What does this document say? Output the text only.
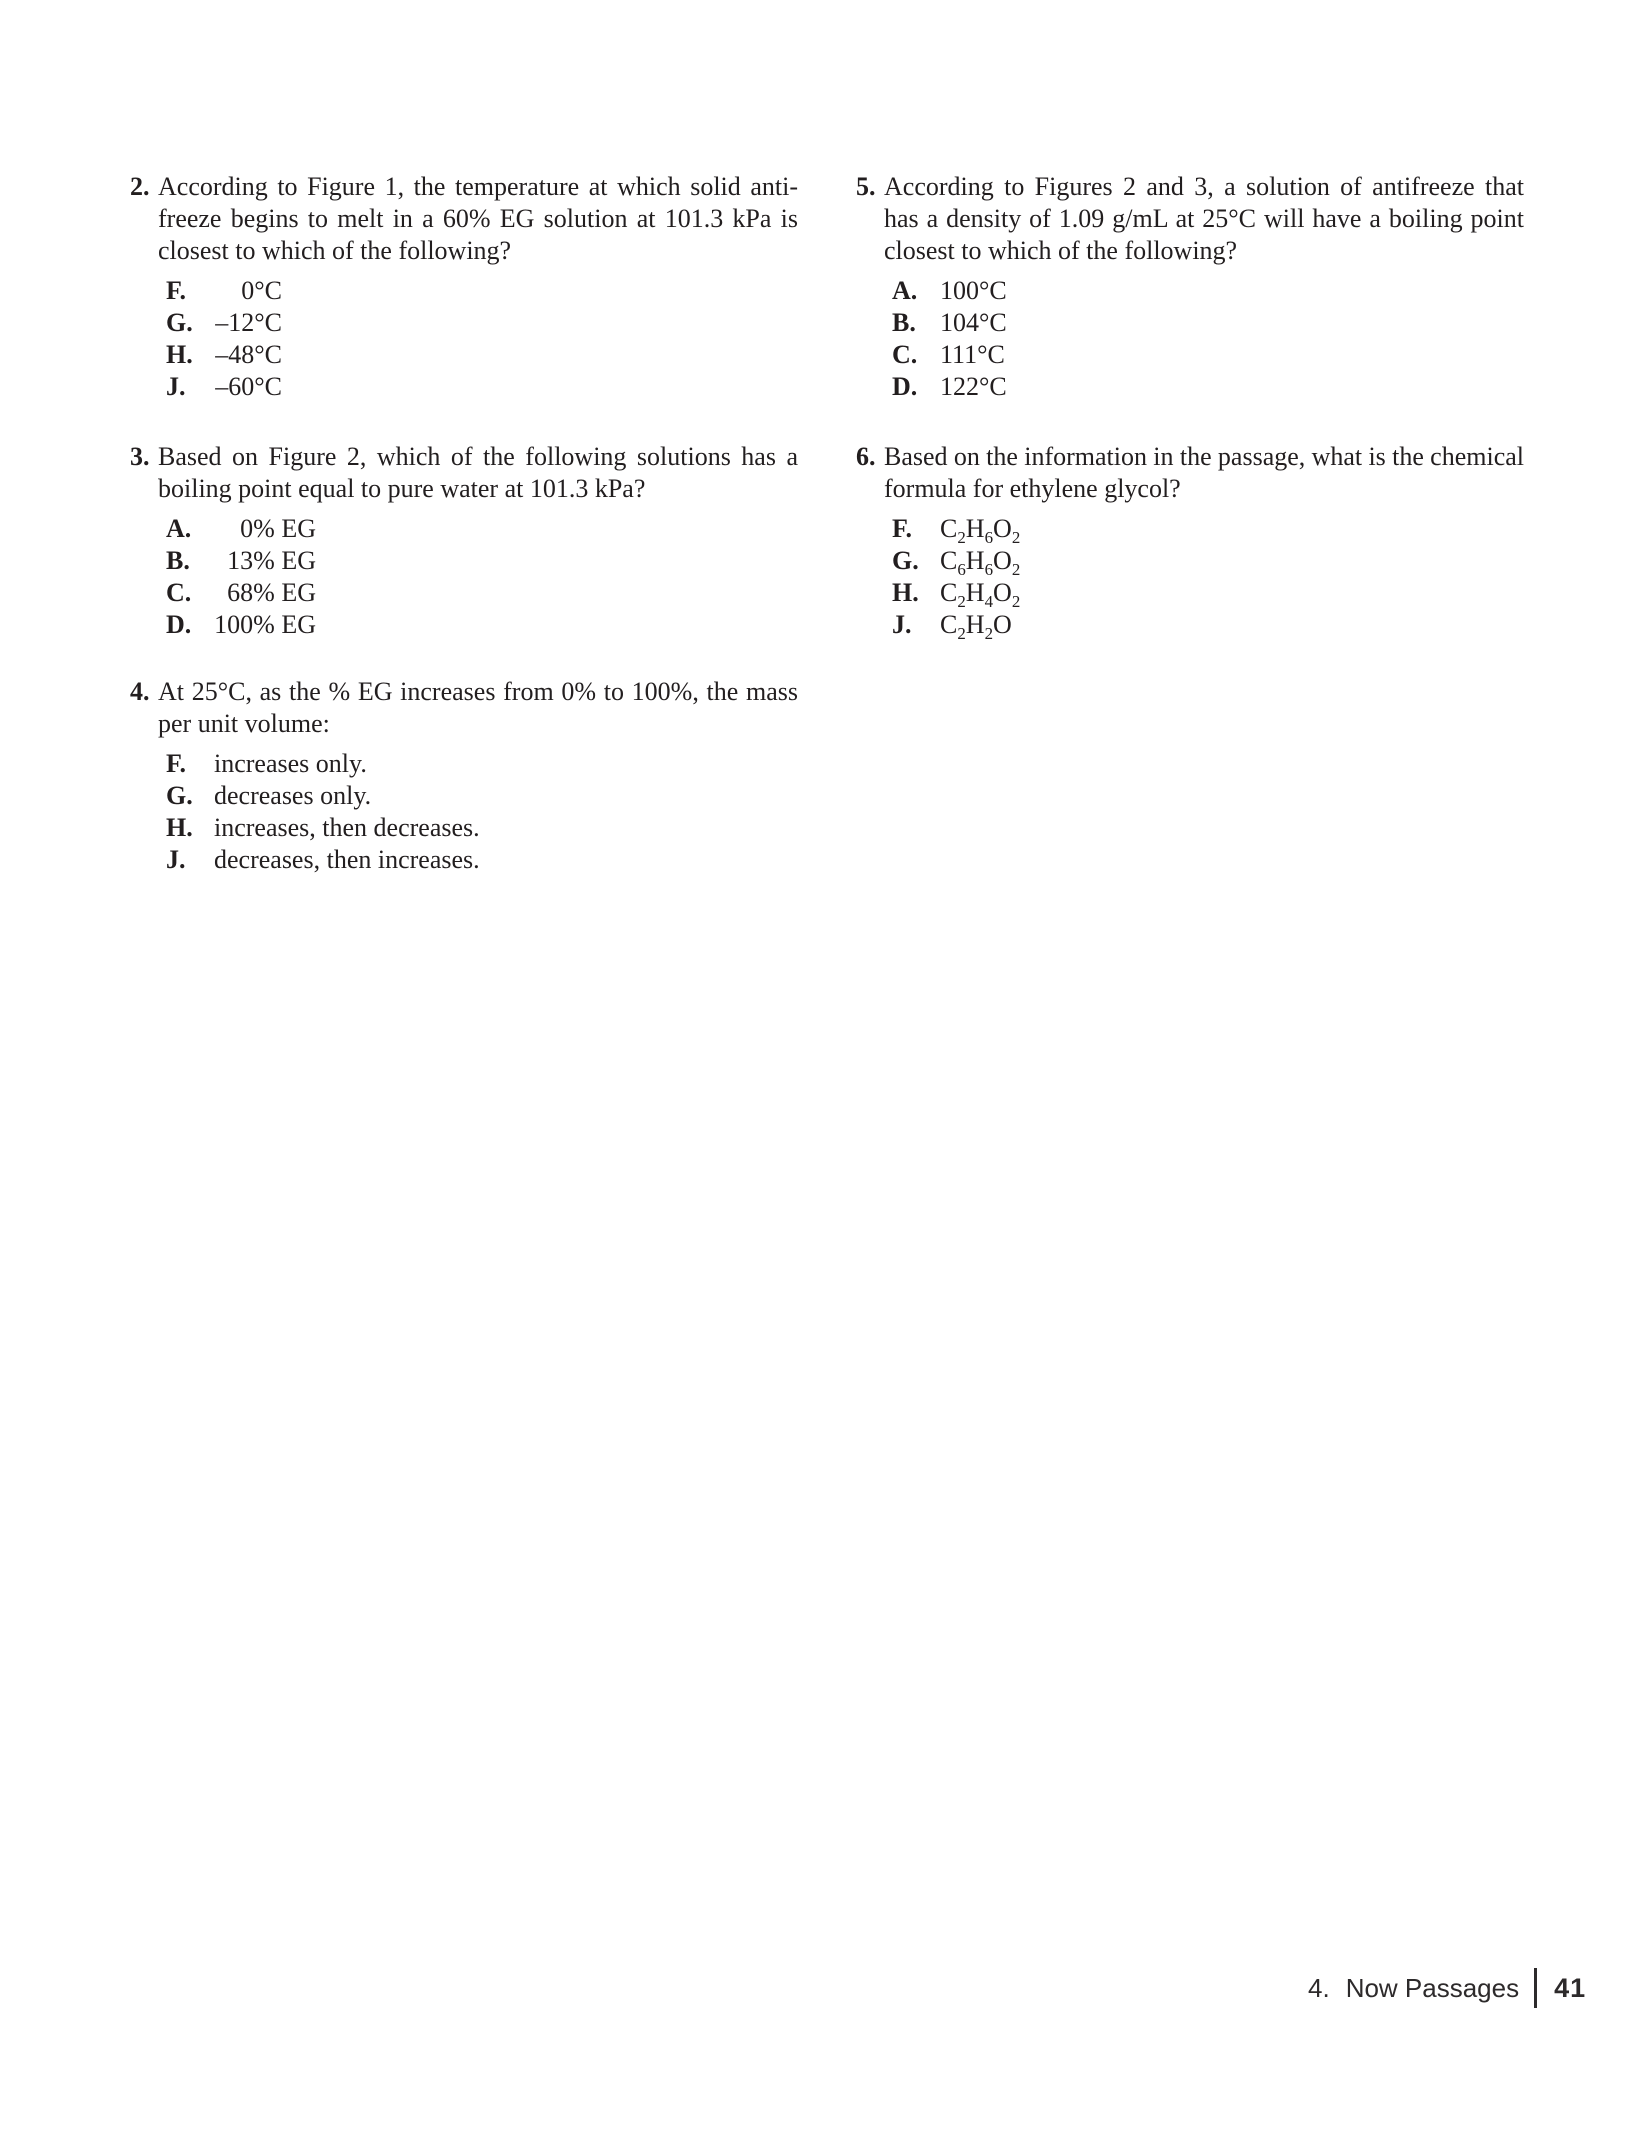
2. According to Figure 1, the temperature at which solid anti-
freeze begins to melt in a 60% EG solution at 101.3 kPa is
closest to which of the following?
F.	0°C
G. –12°C
H. –48°C
J.	–60°C
3. Based on Figure 2, which of the following solutions has a
boiling point equal to pure water at 101.3 kPa?
A.	0% EG
B.	13% EG
C.	68% EG
D. 100% EG
4. At 25°C, as the % EG increases from 0% to 100%, the mass
per unit volume:
F.	increases only.
G. decreases only.
H. increases, then decreases.
J.	decreases, then increases.
5. According to Figures 2 and 3, a solution of antifreeze that
has a density of 1.09 g/mL at 25°C will have a boiling point
closest to which of the following?
A. 100°C
B. 104°C
C. 111°C
D. 122°C
6. Based on the information in the passage, what is the chemical
formula for ethylene glycol?
F.	$C_2H_6O_2$
G. $C_6H_6O_2$
H. $C_2H_4O_2$
J.	$C_2H_2O$
4. Now Passages 41
